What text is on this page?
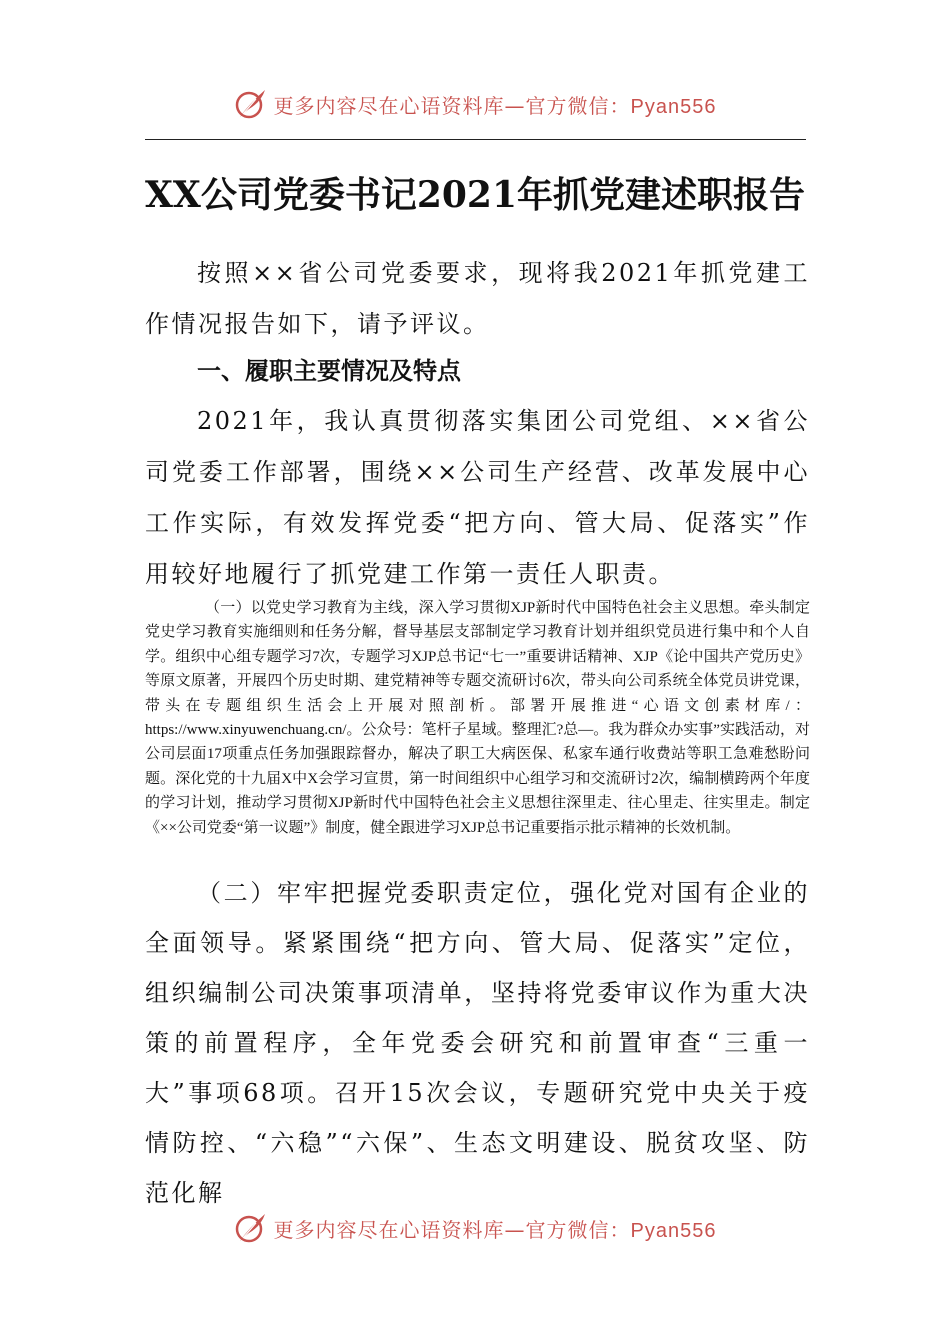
更多内容尽在心语资料库—官方微信：Pyan556
XX公司党委书记2021年抓党建述职报告

按照××省公司党委要求，现将我2021年抓党建工作情况报告如下，请予评议。

一、履职主要情况及特点

2021年，我认真贯彻落实集团公司党组、××省公司党委工作部署，围绕××公司生产经营、改革发展中心工作实际，有效发挥党委“把方向、管大局、促落实”作用较好地履行了抓党建工作第一责任人职责。

（一）以党史学习教育为主线，深入学习贯彻XJP新时代中国特色社会主义思想。牵头制定党史学习教育实施细则和任务分解，督导基层支部制定学习教育计划并组织党员进行集中和个人自学。组织中心组专题学习7次，专题学习XJP总书记“七一”重要讲话精神、XJP《论中国共产党历史》等原文原著，开展四个历史时期、建党精神等专题交流研讨6次，带头向公司系统全体党员讲党课，带头在专题组织生活会上开展对照剖析。部署开展推进“心语文创素材库/：https://www.xinyuwenchuang.cn/。公众号：笔杆子星域。整理汇?总—。我为群众办实事”实践活动，对公司层面17项重点任务加强跟踪督办，解决了职工大病医保、私家车通行收费站等职工急难愁盼问题。深化党的十九届X中X会学习宣贯，第一时间组织中心组学习和交流研讨2次，编制横跨两个年度的学习计划，推动学习贯彻XJP新时代中国特色社会主义思想往深里走、往心里走、往实里走。制定《××公司党委“第一议题”》制度，健全跟进学习XJP总书记重要指示批示精神的长效机制。

（二）牢牢把握党委职责定位，强化党对国有企业的全面领导。紧紧围绕“把方向、管大局、促落实”定位，组织编制公司决策事项清单，坚持将党委审议作为重大决策的前置程序，全年党委会研究和前置审查“三重一大”事项68项。召开15次会议，专题研究党中央关于疫情防控、“六稳”“六保”、生态文明建设、脱贫攻坚、防范化解

更多内容尽在心语资料库—官方微信：Pyan556
